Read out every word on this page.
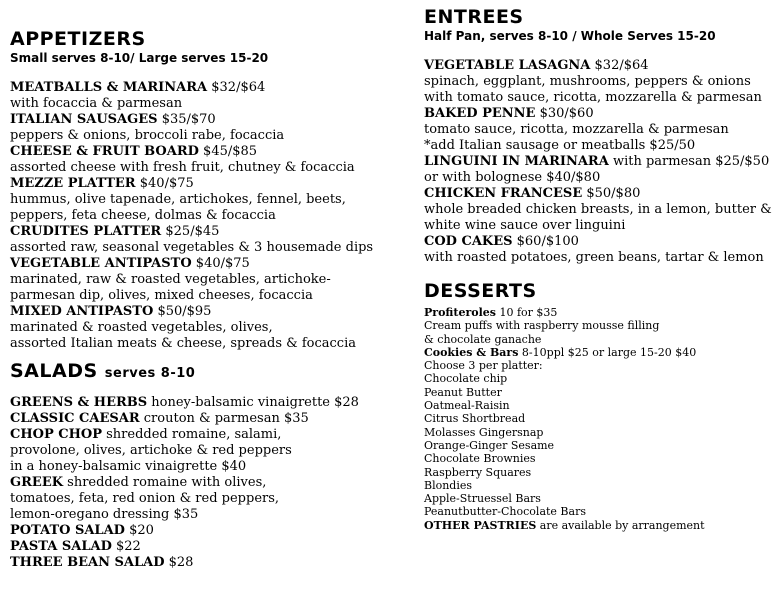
APPETIZERS
Small serves 8-10/ Large serves 15-20
MEATBALLS & MARINARA $32/$64
with focaccia & parmesan
ITALIAN SAUSAGES $35/$70
peppers & onions, broccoli rabe, focaccia
CHEESE & FRUIT BOARD $45/$85
assorted cheese with fresh fruit, chutney & focaccia
MEZZE PLATTER $40/$75
hummus, olive tapenade, artichokes, fennel, beets,
peppers, feta cheese, dolmas & focaccia
CRUDITES PLATTER $25/$45
assorted raw, seasonal vegetables & 3 housemade dips
VEGETABLE ANTIPASTO $40/$75
marinated, raw & roasted vegetables, artichoke-
parmesan dip, olives, mixed cheeses, focaccia
MIXED ANTIPASTO $50/$95
marinated & roasted vegetables, olives,
assorted Italian meats & cheese, spreads & focaccia
SALADS serves 8-10
GREENS & HERBS honey-balsamic vinaigrette $28
CLASSIC CAESAR crouton & parmesan $35
CHOP CHOP shredded romaine, salami,
provolone, olives, artichoke & red peppers
in a honey-balsamic vinaigrette $40
GREEK shredded romaine with olives,
tomatoes, feta, red onion & red peppers,
lemon-oregano dressing $35
POTATO SALAD $20
PASTA SALAD $22
THREE BEAN SALAD $28
ENTREES
Half Pan, serves 8-10 / Whole Serves 15-20
VEGETABLE LASAGNA $32/$64
spinach, eggplant, mushrooms, peppers & onions
with tomato sauce, ricotta, mozzarella & parmesan
BAKED PENNE $30/$60
tomato sauce, ricotta, mozzarella & parmesan
*add Italian sausage or meatballs $25/50
LINGUINI IN MARINARA with parmesan $25/$50
or with bolognese $40/$80
CHICKEN FRANCESE $50/$80
whole breaded chicken breasts, in a lemon, butter &
white wine sauce over linguini
COD CAKES $60/$100
with roasted potatoes, green beans, tartar & lemon
DESSERTS
Profiteroles 10 for $35
Cream puffs with raspberry mousse filling
& chocolate ganache
Cookies & Bars 8-10ppl $25 or large 15-20 $40
Choose 3 per platter:
Chocolate chip
Peanut Butter
Oatmeal-Raisin
Citrus Shortbread
Molasses Gingersnap
Orange-Ginger Sesame
Chocolate Brownies
Raspberry Squares
Blondies
Apple-Struessel Bars
Peanutbutter-Chocolate Bars
OTHER PASTRIES are available by arrangement
